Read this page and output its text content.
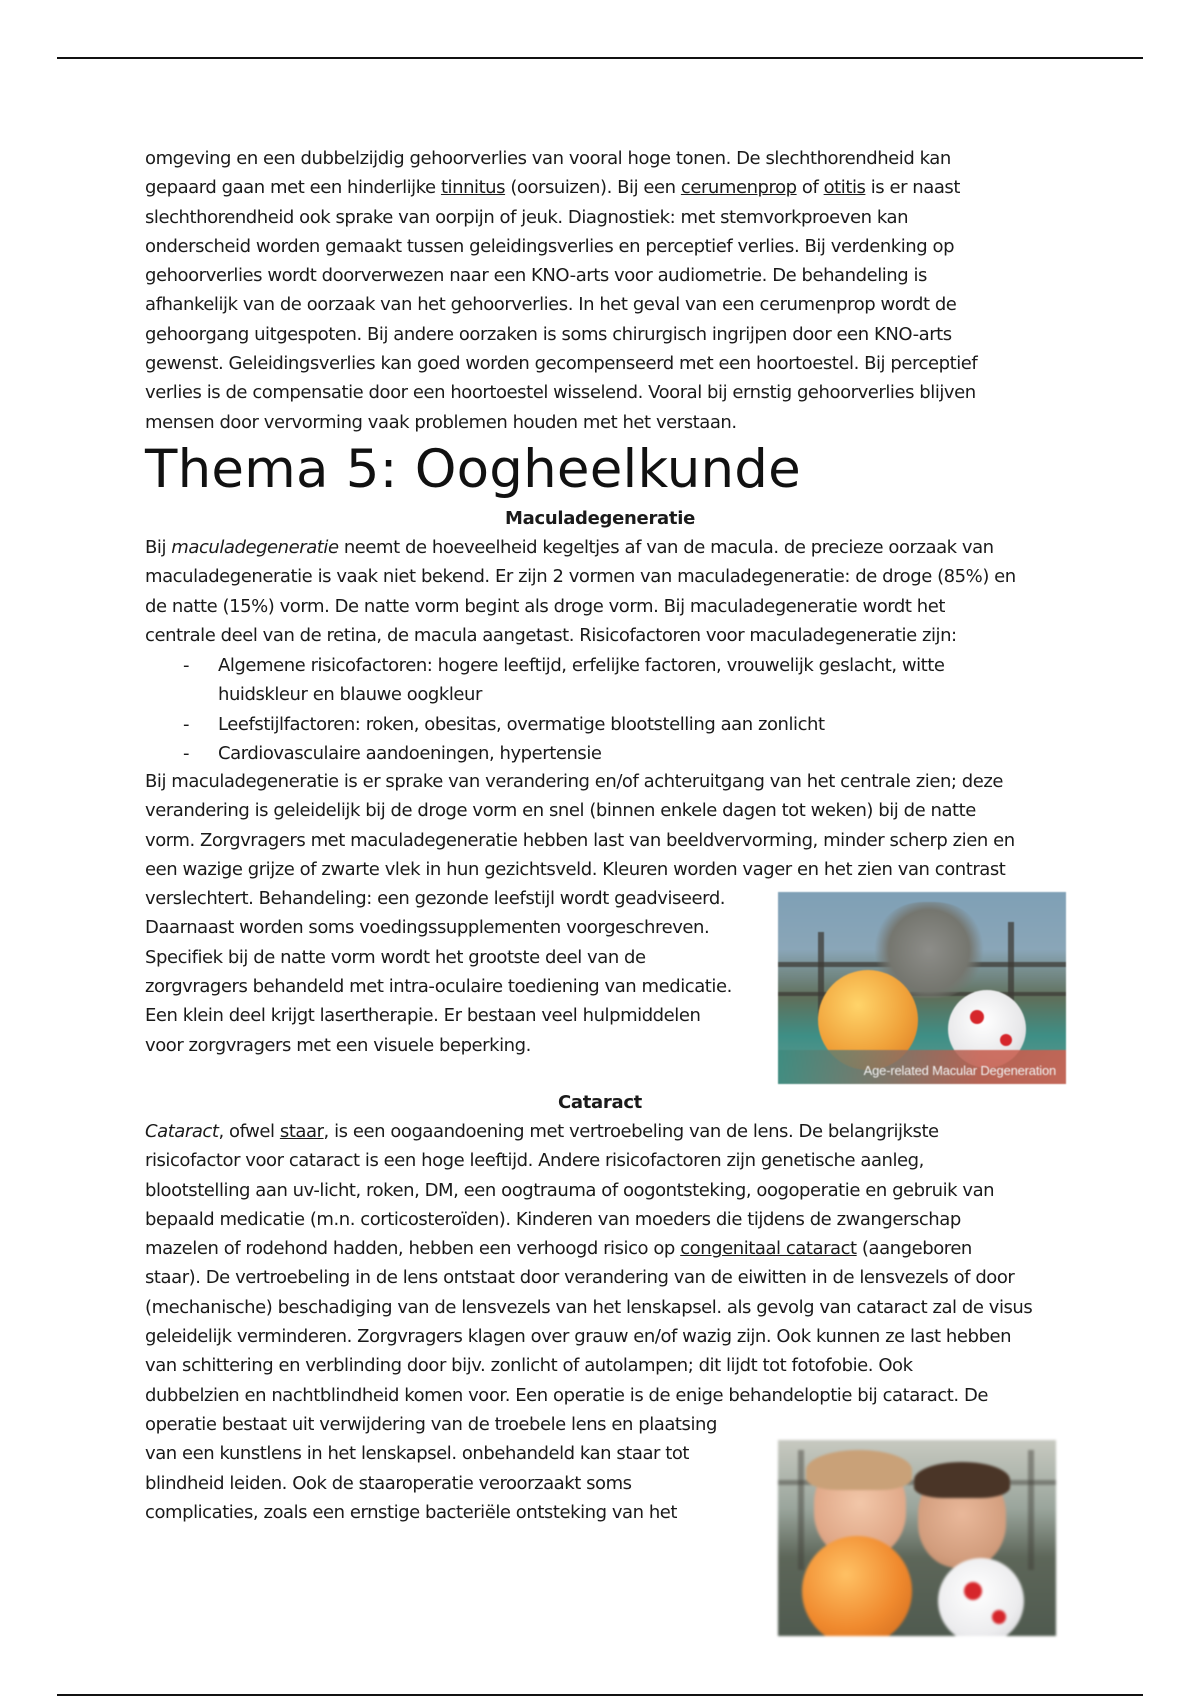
omgeving en een dubbelzijdig gehoorverlies van vooral hoge tonen. De slechthorendheid kan
gepaard gaan met een hinderlijke tinnitus (oorsuizen). Bij een cerumenprop of otitis is er naast
slechthorendheid ook sprake van oorpijn of jeuk. Diagnostiek: met stemvorkproeven kan
onderscheid worden gemaakt tussen geleidingsverlies en perceptief verlies. Bij verdenking op
gehoorverlies wordt doorverwezen naar een KNO-arts voor audiometrie. De behandeling is
afhankelijk van de oorzaak van het gehoorverlies. In het geval van een cerumenprop wordt de
gehoorgang uitgespoten. Bij andere oorzaken is soms chirurgisch ingrijpen door een KNO-arts
gewenst. Geleidingsverlies kan goed worden gecompenseerd met een hoortoestel. Bij perceptief
verlies is de compensatie door een hoortoestel wisselend. Vooral bij ernstig gehoorverlies blijven
mensen door vervorming vaak problemen houden met het verstaan.
Thema 5: Oogheelkunde
Maculadegeneratie
Bij maculadegeneratie neemt de hoeveelheid kegeltjes af van de macula. de precieze oorzaak van
maculadegeneratie is vaak niet bekend. Er zijn 2 vormen van maculadegeneratie: de droge (85%) en
de natte (15%) vorm. De natte vorm begint als droge vorm. Bij maculadegeneratie wordt het
centrale deel van de retina, de macula aangetast. Risicofactoren voor maculadegeneratie zijn:
- Algemene risicofactoren: hogere leeftijd, erfelijke factoren, vrouwelijk geslacht, witte
huidskleur en blauwe oogkleur
- Leefstijlfactoren: roken, obesitas, overmatige blootstelling aan zonlicht
- Cardiovasculaire aandoeningen, hypertensie
Bij maculadegeneratie is er sprake van verandering en/of achteruitgang van het centrale zien; deze
verandering is geleidelijk bij de droge vorm en snel (binnen enkele dagen tot weken) bij de natte
vorm. Zorgvragers met maculadegeneratie hebben last van beeldvervorming, minder scherp zien en
een wazige grijze of zwarte vlek in hun gezichtsveld. Kleuren worden vager en het zien van contrast
verslechtert. Behandeling: een gezonde leefstijl wordt geadviseerd.
Daarnaast worden soms voedingssupplementen voorgeschreven.
Specifiek bij de natte vorm wordt het grootste deel van de
zorgvragers behandeld met intra-oculaire toediening van medicatie.
Een klein deel krijgt lasertherapie. Er bestaan veel hulpmiddelen
voor zorgvragers met een visuele beperking.
Cataract
Cataract, ofwel staar, is een oogaandoening met vertroebeling van de lens. De belangrijkste
risicofactor voor cataract is een hoge leeftijd. Andere risicofactoren zijn genetische aanleg,
blootstelling aan uv-licht, roken, DM, een oogtrauma of oogontsteking, oogoperatie en gebruik van
bepaald medicatie (m.n. corticosteroïden). Kinderen van moeders die tijdens de zwangerschap
mazelen of rodehond hadden, hebben een verhoogd risico op congenitaal cataract (aangeboren
staar). De vertroebeling in de lens ontstaat door verandering van de eiwitten in de lensvezels of door
(mechanische) beschadiging van de lensvezels van het lenskapsel. als gevolg van cataract zal de visus
geleidelijk verminderen. Zorgvragers klagen over grauw en/of wazig zijn. Ook kunnen ze last hebben
van schittering en verblinding door bijv. zonlicht of autolampen; dit lijdt tot fotofobie. Ook
dubbelzien en nachtblindheid komen voor. Een operatie is de enige behandeloptie bij cataract. De
operatie bestaat uit verwijdering van de troebele lens en plaatsing
van een kunstlens in het lenskapsel. onbehandeld kan staar tot
blindheid leiden. Ook de staaroperatie veroorzaakt soms
complicaties, zoals een ernstige bacteriële ontsteking van het
Age-related Macular Degeneration
